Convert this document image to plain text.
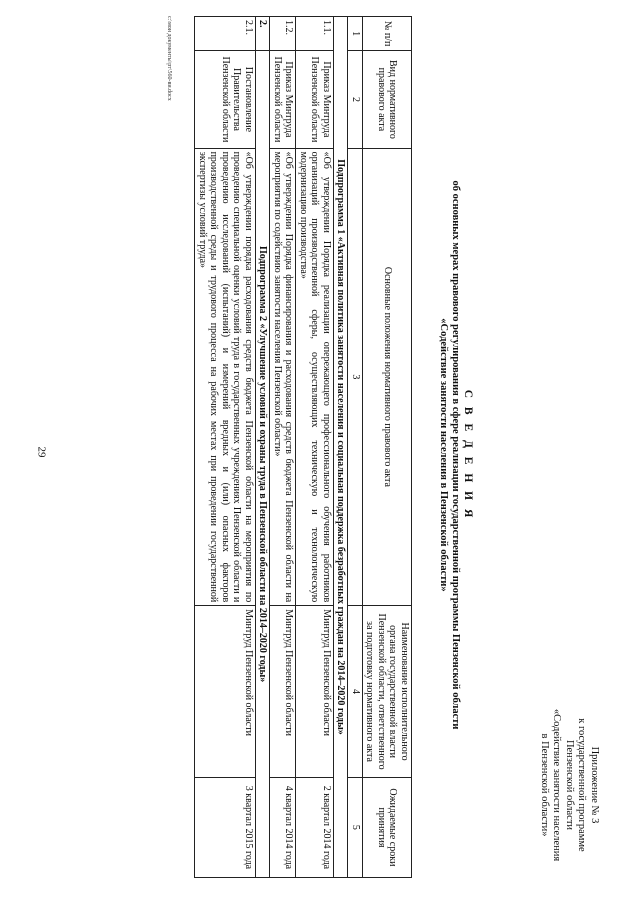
29
Приложение № 3
к государственной программе
Пензенской области
«Содействие занятости населения
в Пензенской области»
С В Е Д Е Н И Я
об основных мерах правового регулирования в сфере реализации государственной программы Пензенской области
«Содействие занятости населения в Пензенской области»
№ п/п	Вид нормативного правового акта	Основные положения нормативного правового акта	Наименование исполнительного органа государственной власти Пензенской области, ответственного за подготовку нормативного акта	Ожидаемые сроки принятия
1	2	3	4	5
Подпрограмма 1 «Активная политика занятости населения и социальная поддержка безработных граждан на 2014–2020 годы»				
1.1.	Приказ Минтруда Пензенской области	«Об утверждении Порядка реализации опережающего профессионального обучения работников организаций производственной сферы, осуществляющих техническую и технологическую модернизацию производства»	Минтруд Пензенской области	2 квартал 2014 года
1.2.	Приказ Минтруда Пензенской области	«Об утверждении Порядка финансирования и расходования средств бюджета Пензенской области на мероприятия по содействию занятости населения Пензенской области»	Минтруд Пензенской области	4 квартал 2014 года
2.	Подпрограмма 2 «Улучшение условий и охраны труда в Пензенской области на 2014–2020 годы»			
2.1.	Постановление Правительства Пензенской области	«Об утверждении порядка расходования средств бюджета Пензенской области на мероприятия по проведению специальной оценки условий труда в государственных учреждениях Пензенской области и проведению исследований (испытаний) и измерений вредных и (или) опасных факторов производственной среды и трудового процесса на рабочих местах при проведении государственной экспертизы условий труда»	Минтруд Пензенской области	3 квартал 2015 года
c:\мои документы\рт\560-ви.docx
